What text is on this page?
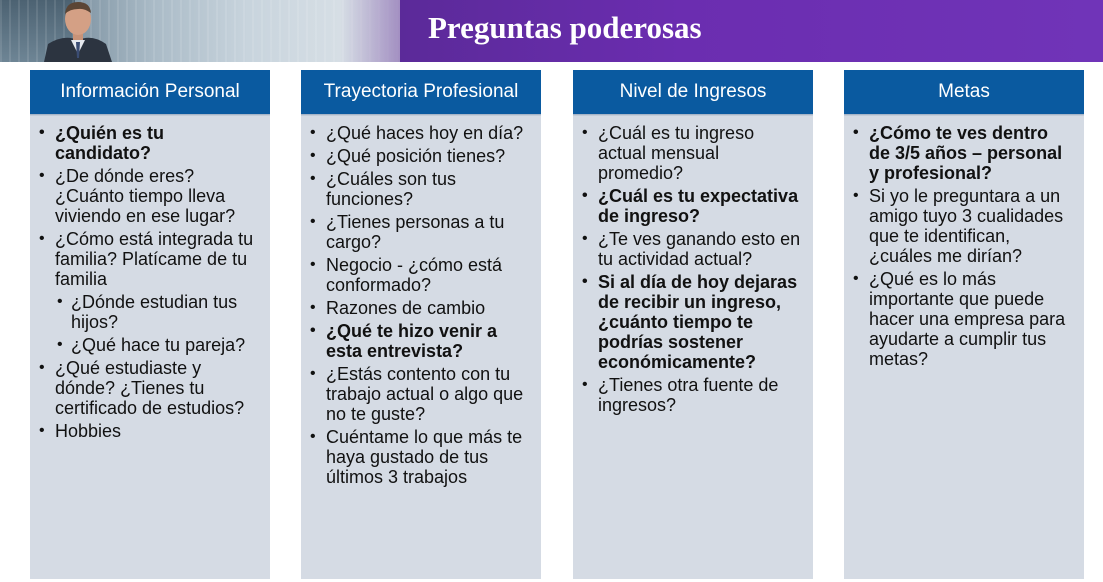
Preguntas poderosas
Información Personal
• ¿Quién es tu candidato?
• ¿De dónde eres? ¿Cuánto tiempo lleva viviendo en ese lugar?
• ¿Cómo está integrada tu familia? Platícame de tu familia
• ¿Dónde estudian tus hijos?
• ¿Qué hace tu pareja?
• ¿Qué estudiaste y dónde? ¿Tienes tu certificado de estudios?
• Hobbies
Trayectoria Profesional
• ¿Qué haces hoy en día?
• ¿Qué posición tienes?
• ¿Cuáles son tus funciones?
• ¿Tienes personas a tu cargo?
• Negocio - ¿cómo está conformado?
• Razones de cambio
• ¿Qué te hizo venir a esta entrevista?
• ¿Estás contento con tu trabajo actual o algo que no te guste?
• Cuéntame lo que más te haya gustado de tus últimos 3 trabajos
Nivel de Ingresos
• ¿Cuál es tu ingreso actual mensual promedio?
• ¿Cuál es tu expectativa de ingreso?
• ¿Te ves ganando esto en tu actividad actual?
• Si al día de hoy dejaras de recibir un ingreso, ¿cuánto tiempo te podrías sostener económicamente?
• ¿Tienes otra fuente de ingresos?
Metas
• ¿Cómo te ves dentro de 3/5 años – personal y profesional?
• Si yo le preguntara a un amigo tuyo 3 cualidades que te identifican, ¿cuáles me dirían?
• ¿Qué es lo más importante que puede hacer una empresa para ayudarte a cumplir tus metas?
